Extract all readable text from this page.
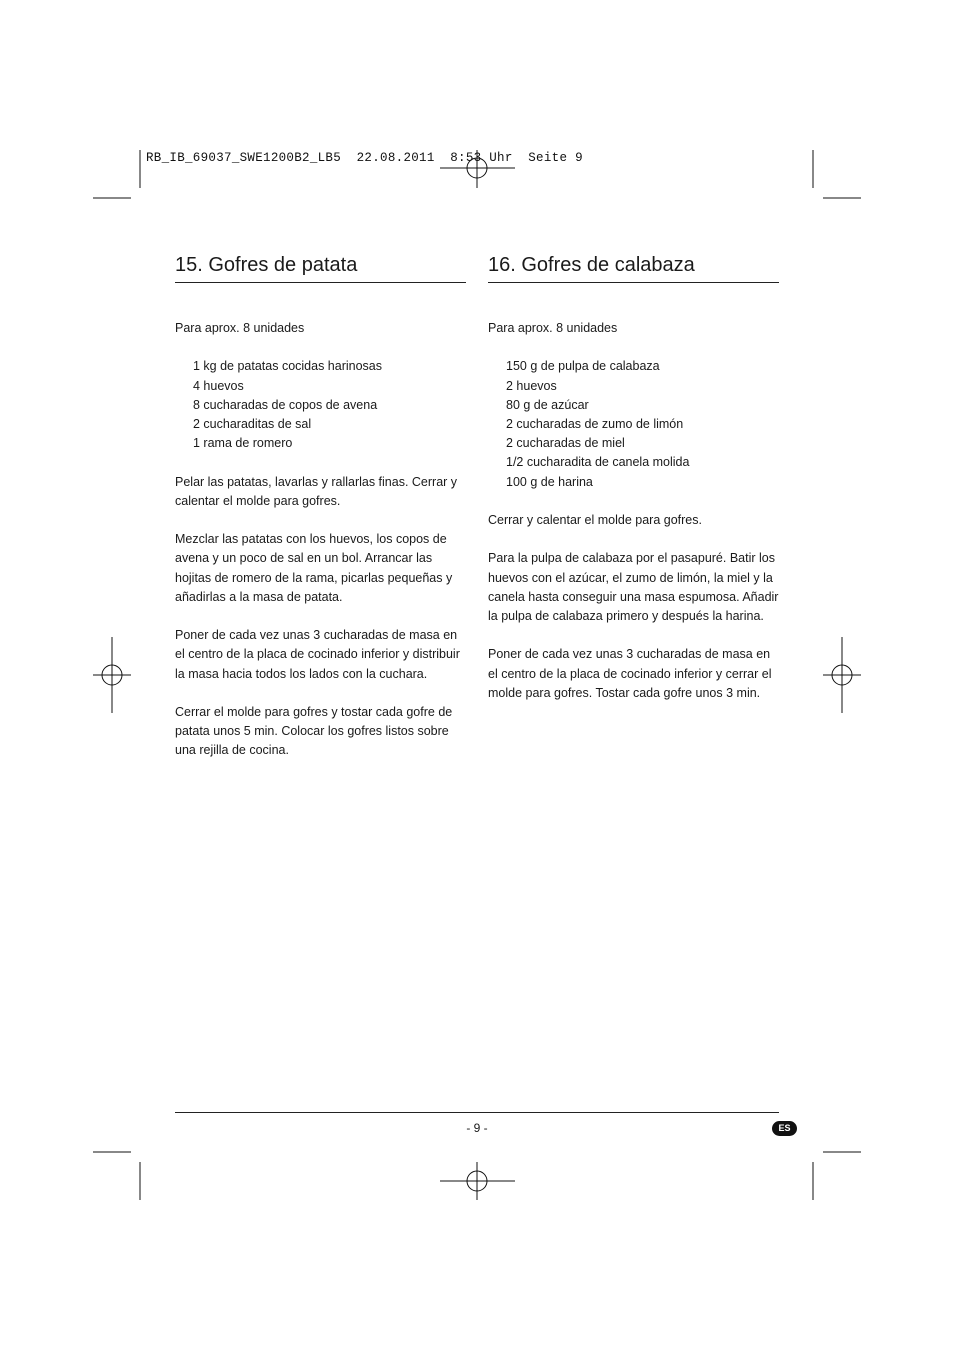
RB_IB_69037_SWE1200B2_LB5  22.08.2011  8:53 Uhr  Seite 9
15. Gofres de patata

Para aprox. 8 unidades

1 kg de patatas cocidas harinosas
4 huevos
8 cucharadas de copos de avena
2 cucharaditas de sal
1 rama de romero

Pelar las patatas, lavarlas y rallarlas finas. Cerrar y calentar el molde para gofres.

Mezclar las patatas con los huevos, los copos de avena y un poco de sal en un bol. Arrancar las hojitas de romero de la rama, picarlas pequeñas y añadirlas a la masa de patata.

Poner de cada vez unas 3 cucharadas de masa en el centro de la placa de cocinado inferior y distribuir la masa hacia todos los lados con la cuchara.

Cerrar el molde para gofres y tostar cada gofre de patata unos 5 min. Colocar los gofres listos sobre una rejilla de cocina.

16. Gofres de calabaza

Para aprox. 8 unidades

150 g de pulpa de calabaza
2 huevos
80 g de azúcar
2 cucharadas de zumo de limón
2 cucharadas de miel
1/2 cucharadita de canela molida
100 g de harina

Cerrar y calentar el molde para gofres.

Para la pulpa de calabaza por el pasapuré. Batir los huevos con el azúcar, el zumo de limón, la miel y la canela hasta conseguir una masa espumosa. Añadir la pulpa de calabaza primero y después la harina.

Poner de cada vez unas 3 cucharadas de masa en el centro de la placa de cocinado inferior y cerrar el molde para gofres. Tostar cada gofre unos 3 min.

- 9 -	ES
